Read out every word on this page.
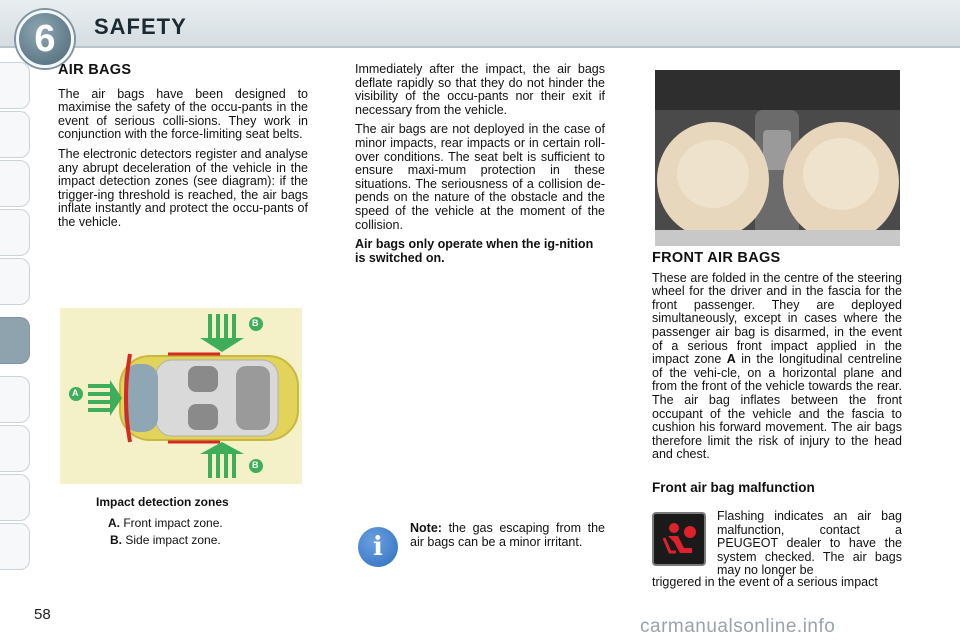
6	SAFETY
AIR BAGS

The air bags have been designed to maximise the safety of the occu-pants in the event of serious colli-sions. They work in conjunction with the force-limiting seat belts.

The electronic detectors register and analyse any abrupt deceleration of the vehicle in the impact detection zones (see diagram): if the trigger-ing threshold is reached, the air bags inflate instantly and protect the occu-pants of the vehicle.

Immediately after the impact, the air bags deflate rapidly so that they do not hinder the visibility of the occu-pants nor their exit if necessary from the vehicle.

The air bags are not deployed in the case of minor impacts, rear impacts or in certain roll-over conditions. The seat belt is sufficient to ensure maxi-mum protection in these situations. The seriousness of a collision de-pends on the nature of the obstacle and the speed of the vehicle at the moment of the collision.

Air bags only operate when the ig-nition is switched on.

A
B
B
Impact detection zones
A. Front impact zone.
B. Side impact zone.	i
Note: the gas escaping from the air bags can be a minor irritant.
FRONT AIR BAGS

These are folded in the centre of the steering wheel for the driver and in the fascia for the front passenger. They are deployed simultaneously, except in cases where the passenger air bag is disarmed, in the event of a serious front impact applied in the impact zone A in the longitudinal centreline of the vehi-cle, on a horizontal plane and from the front of the vehicle towards the rear. The air bag inflates between the front occupant of the vehicle and the fascia to cushion his forward movement. The air bags therefore limit the risk of injury to the head and chest.

Front air bag malfunction
Flashing indicates an air bag malfunction, contact a PEUGEOT dealer to have the system checked. The air bags may no longer be
triggered in the event of a serious impact
58
carmanualsonline.info
